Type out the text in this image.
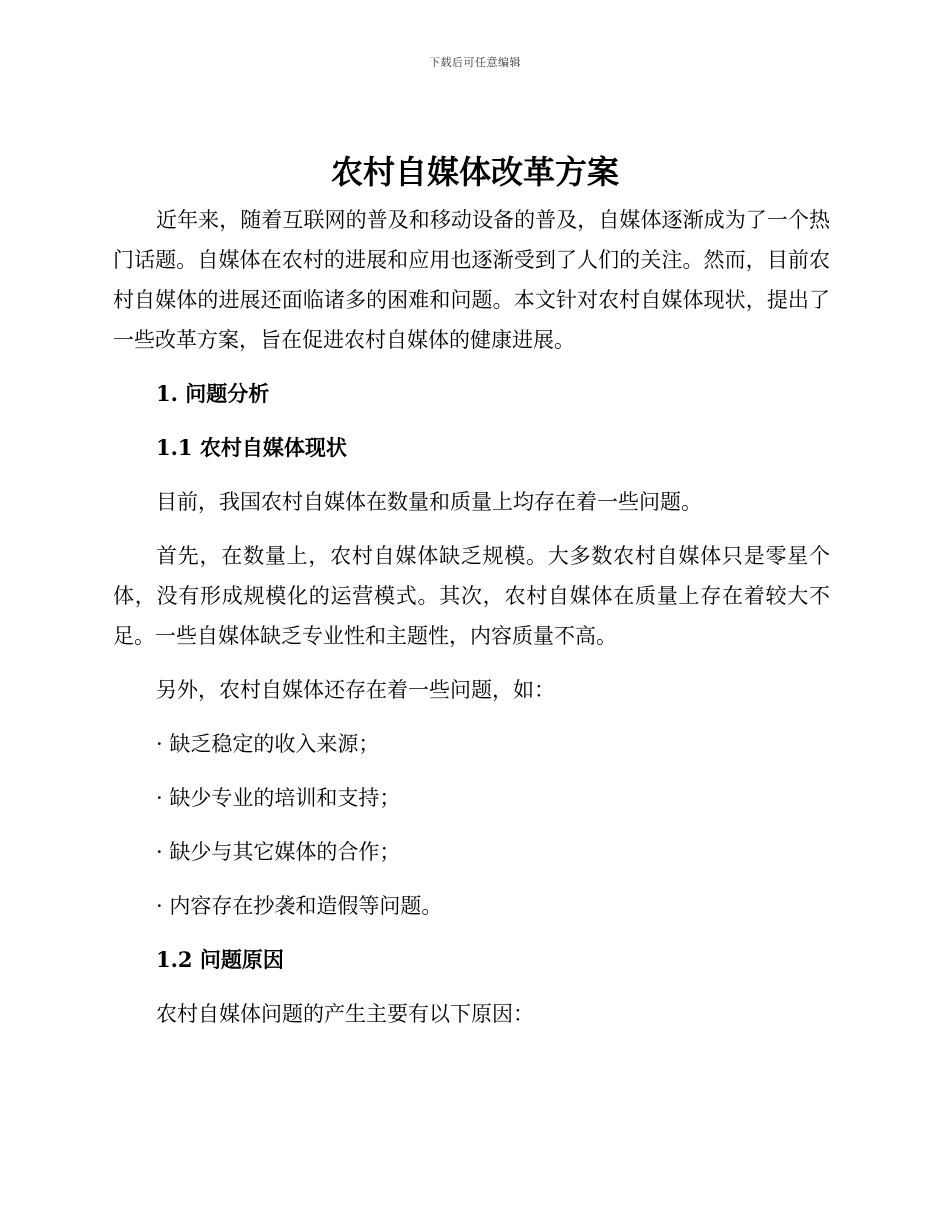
下载后可任意编辑
农村自媒体改革方案

近年来，随着互联网的普及和移动设备的普及，自媒体逐渐成为了一个热门话题。自媒体在农村的进展和应用也逐渐受到了人们的关注。然而，目前农村自媒体的进展还面临诸多的困难和问题。本文针对农村自媒体现状，提出了一些改革方案，旨在促进农村自媒体的健康进展。

1. 问题分析
1.1 农村自媒体现状

目前，我国农村自媒体在数量和质量上均存在着一些问题。

首先，在数量上，农村自媒体缺乏规模。大多数农村自媒体只是零星个体，没有形成规模化的运营模式。其次，农村自媒体在质量上存在着较大不足。一些自媒体缺乏专业性和主题性，内容质量不高。

另外，农村自媒体还存在着一些问题，如：

· 缺乏稳定的收入来源；
· 缺少专业的培训和支持；
· 缺少与其它媒体的合作；
· 内容存在抄袭和造假等问题。
1.2 问题原因

农村自媒体问题的产生主要有以下原因：
